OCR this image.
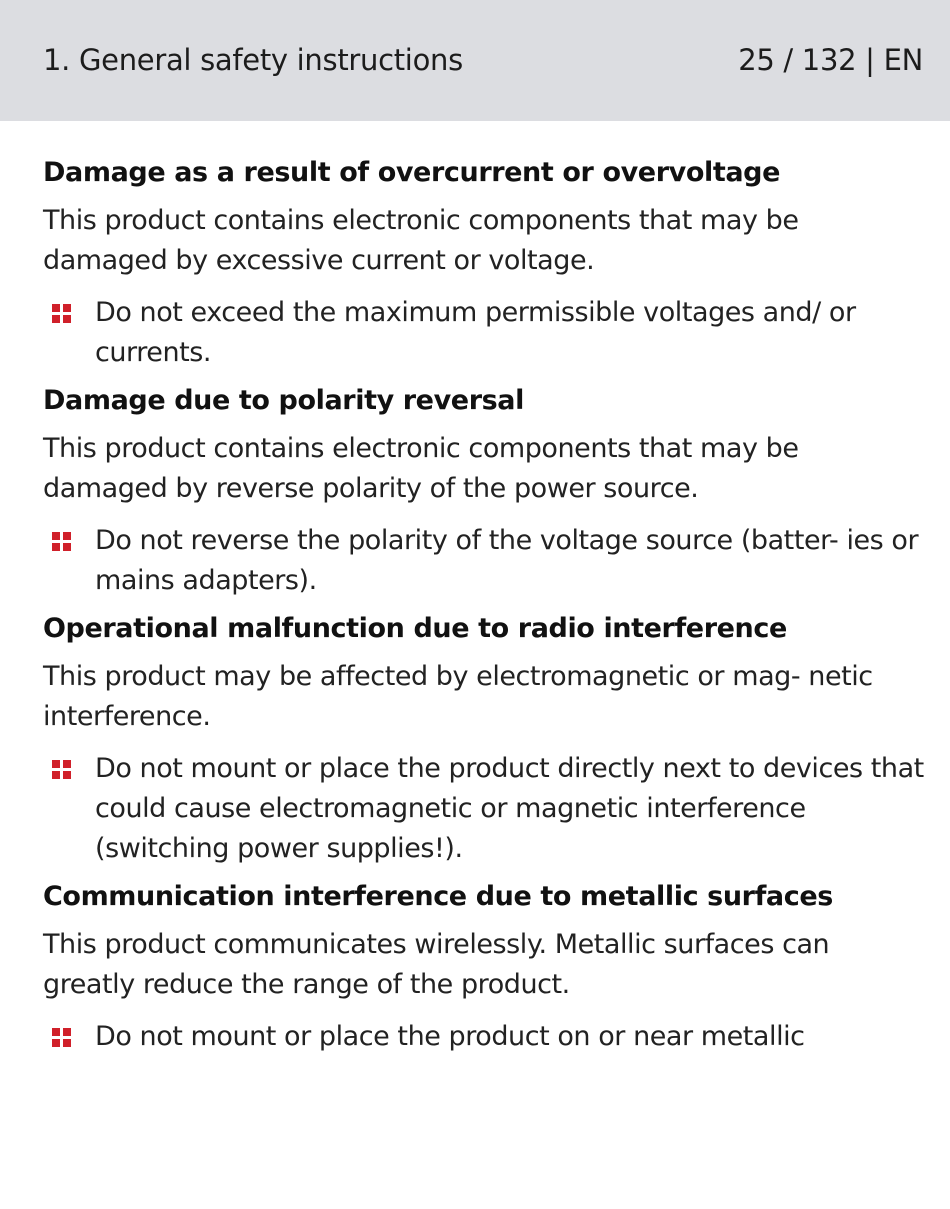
1. General safety instructions	25 / 132 | EN

Damage as a result of overcurrent or overvoltage

This product contains electronic components that may be damaged by excessive current or voltage.

Do not exceed the maximum permissible voltages and/ or currents.

Damage due to polarity reversal

This product contains electronic components that may be damaged by reverse polarity of the power source.

Do not reverse the polarity of the voltage source (batter- ies or mains adapters).

Operational malfunction due to radio interference

This product may be affected by electromagnetic or mag- netic interference.

Do not mount or place the product directly next to devices that could cause electromagnetic or magnetic interference (switching power supplies!).

Communication interference due to metallic surfaces

This product communicates wirelessly. Metallic surfaces can greatly reduce the range of the product.

Do not mount or place the product on or near metallic
